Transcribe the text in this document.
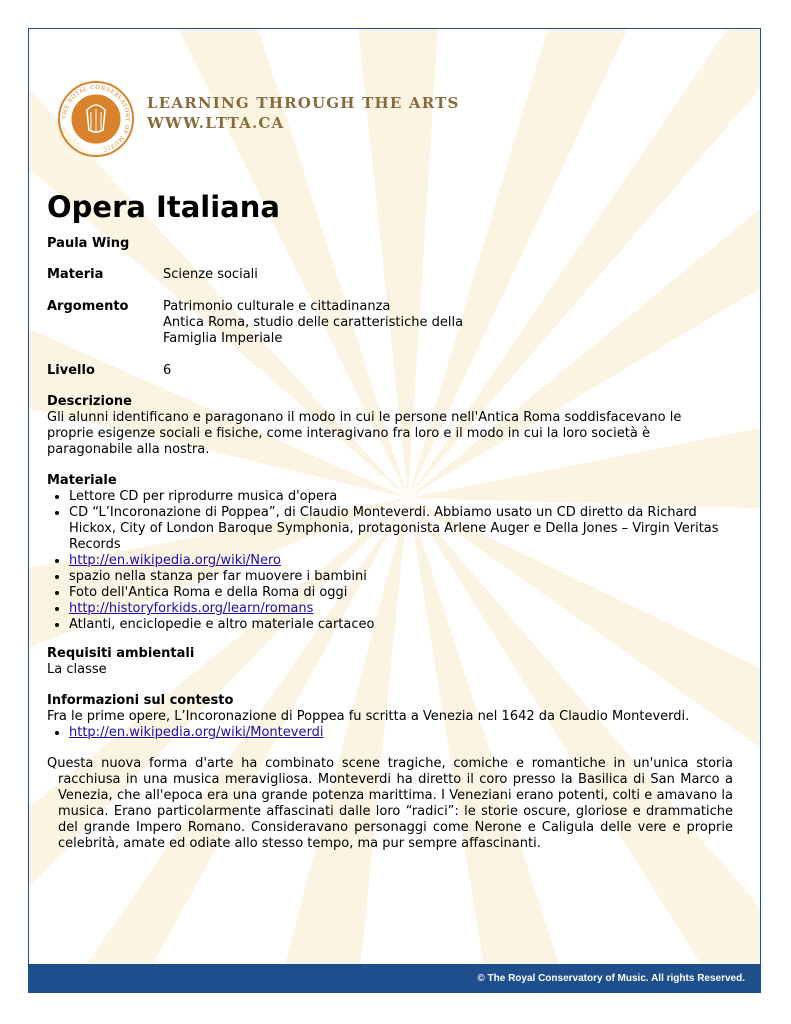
18	86
THE ROYAL CONSERVATORY OF MUSIC
LEARNING THROUGH THE ARTS
WWW.LTTA.CA
Opera Italiana
Paula Wing
Materia	Scienze sociali
Argomento	Patrimonio culturale e cittadinanza
Antica Roma, studio delle caratteristiche della
Famiglia Imperiale
Livello	6
Descrizione
Gli alunni identificano e paragonano il modo in cui le persone nell'Antica Roma soddisfacevano le proprie esigenze sociali e fisiche, come interagivano fra loro e il modo in cui la loro società è paragonabile alla nostra.
Materiale
• Lettore CD per riprodurre musica d'opera
• CD “L’Incoronazione di Poppea”, di Claudio Monteverdi. Abbiamo usato un CD diretto da Richard Hickox, City of London Baroque Symphonia, protagonista Arlene Auger e Della Jones – Virgin Veritas Records
• http://en.wikipedia.org/wiki/Nero
• spazio nella stanza per far muovere i bambini
• Foto dell'Antica Roma e della Roma di oggi
• http://historyforkids.org/learn/romans
• Atlanti, enciclopedie e altro materiale cartaceo
Requisiti ambientali
La classe
Informazioni sul contesto
Fra le prime opere, L’Incoronazione di Poppea fu scritta a Venezia nel 1642 da Claudio Monteverdi.
• http://en.wikipedia.org/wiki/Monteverdi
Questa nuova forma d'arte ha combinato scene tragiche, comiche e romantiche in un'unica storia racchiusa in una musica meravigliosa. Monteverdi ha diretto il coro presso la Basilica di San Marco a Venezia, che all'epoca era una grande potenza marittima. I Veneziani erano potenti, colti e amavano la musica. Erano particolarmente affascinati dalle loro “radici”: le storie oscure, gloriose e drammatiche del grande Impero Romano. Consideravano personaggi come Nerone e Caligula delle vere e proprie celebrità, amate ed odiate allo stesso tempo, ma pur sempre affascinanti.
© The Royal Conservatory of Music. All rights Reserved.
